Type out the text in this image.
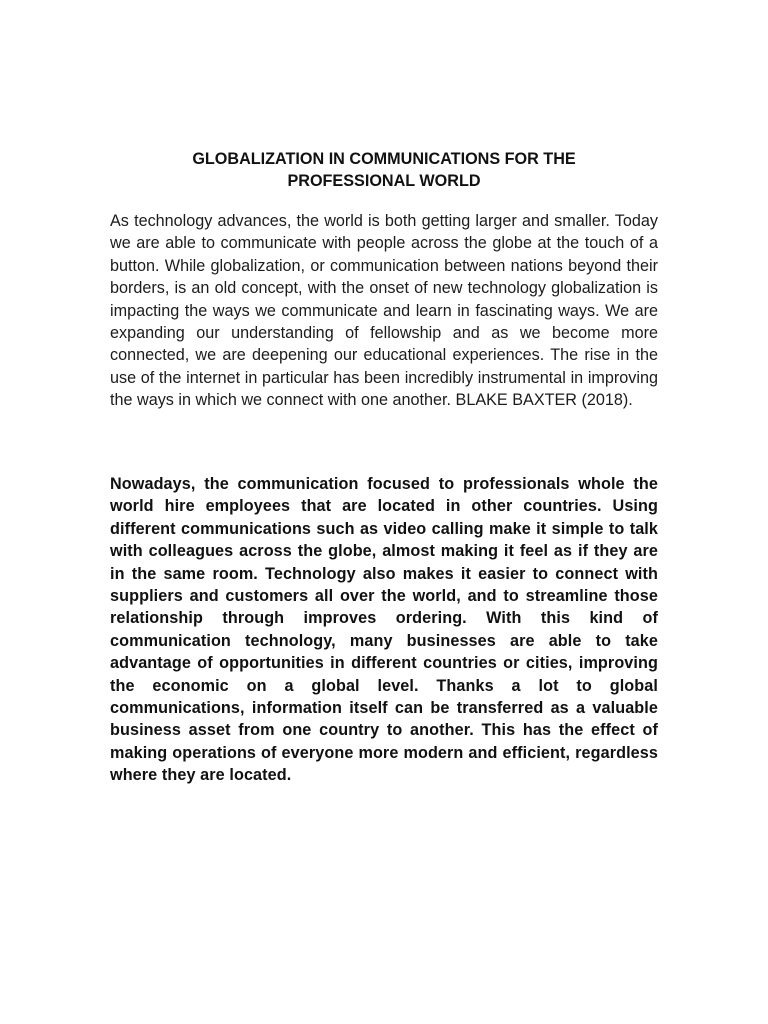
GLOBALIZATION IN COMMUNICATIONS FOR THE
PROFESSIONAL WORLD

As technology advances, the world is both getting larger and smaller. Today we are able to communicate with people across the globe at the touch of a button. While globalization, or communication between nations beyond their borders, is an old concept, with the onset of new technology globalization is impacting the ways we communicate and learn in fascinating ways. We are expanding our understanding of fellowship and as we become more connected, we are deepening our educational experiences. The rise in the use of the internet in particular has been incredibly instrumental in improving the ways in which we connect with one another. BLAKE BAXTER (2018).

Nowadays, the communication focused to professionals whole the world hire employees that are located in other countries. Using different communications such as video calling make it simple to talk with colleagues across the globe, almost making it feel as if they are in the same room. Technology also makes it easier to connect with suppliers and customers all over the world, and to streamline those relationship through improves ordering. With this kind of communication technology, many businesses are able to take advantage of opportunities in different countries or cities, improving the economic on a global level. Thanks a lot to global communications, information itself can be transferred as a valuable business asset from one country to another. This has the effect of making operations of everyone more modern and efficient, regardless where they are located.
